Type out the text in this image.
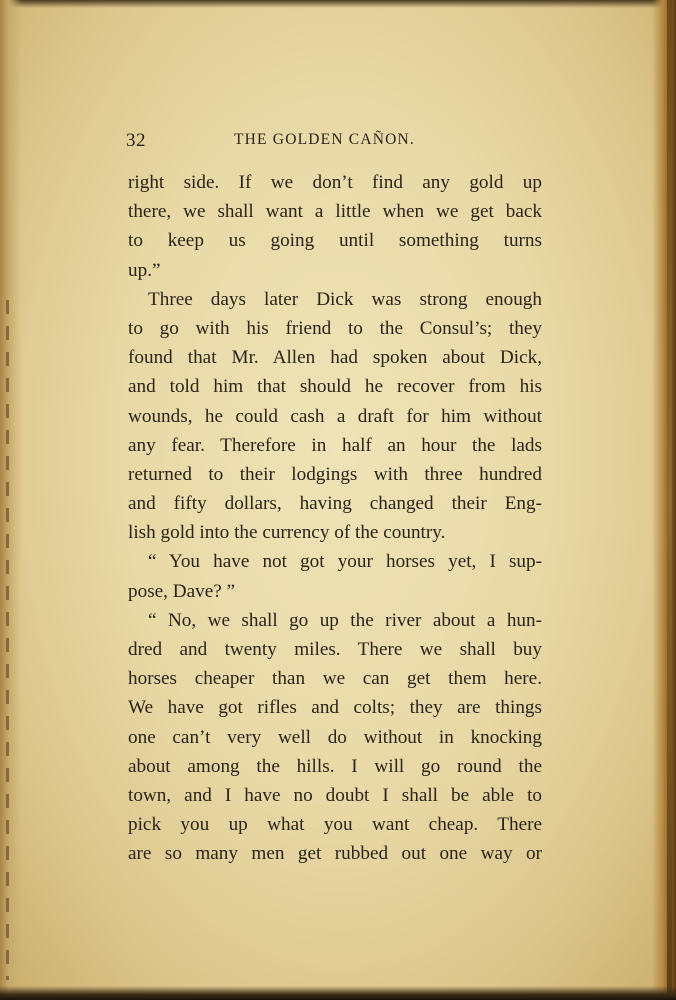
32	THE GOLDEN CAÑON.
right side. If we don’t find any gold up
there, we shall want a little when we get back
to keep us going until something turns
up.”
Three days later Dick was strong enough
to go with his friend to the Consul’s; they
found that Mr. Allen had spoken about Dick,
and told him that should he recover from his
wounds, he could cash a draft for him without
any fear. Therefore in half an hour the lads
returned to their lodgings with three hundred
and fifty dollars, having changed their Eng-
lish gold into the currency of the country.
“ You have not got your horses yet, I sup-
pose, Dave? ”
“ No, we shall go up the river about a hun-
dred and twenty miles. There we shall buy
horses cheaper than we can get them here.
We have got rifles and colts; they are things
one can’t very well do without in knocking
about among the hills. I will go round the
town, and I have no doubt I shall be able to
pick you up what you want cheap. There
are so many men get rubbed out one way or
